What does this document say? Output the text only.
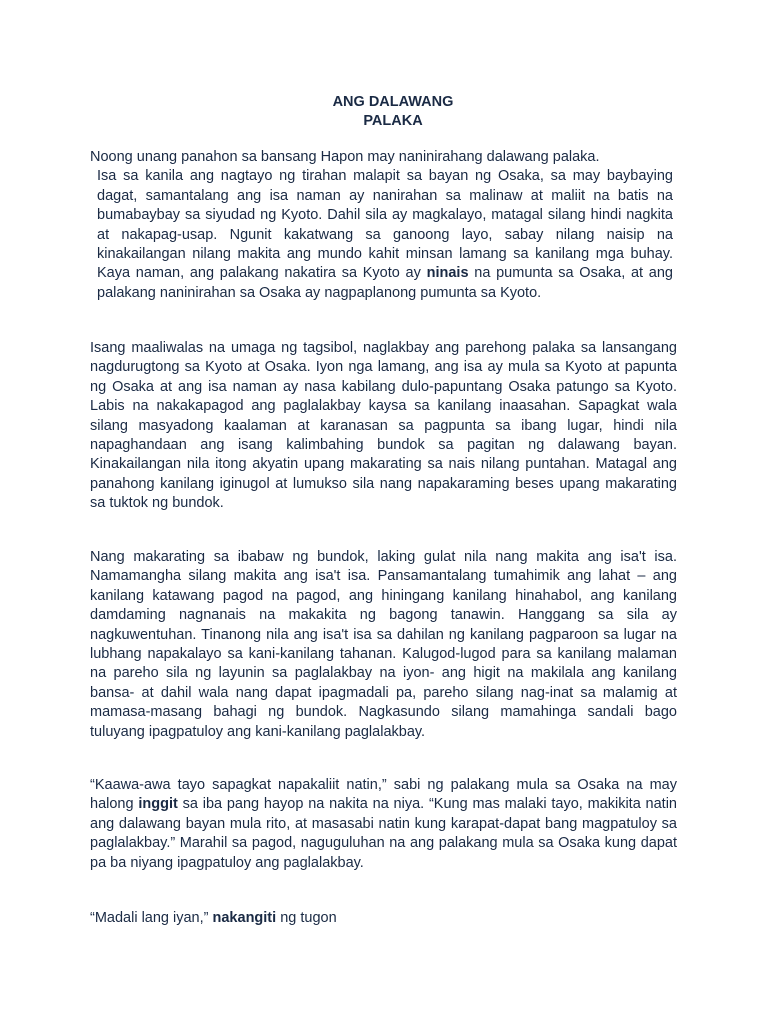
ANG DALAWANG
PALAKA

Noong unang panahon sa bansang Hapon may naninirahang dalawang palaka.
Isa sa kanila ang nagtayo ng tirahan malapit sa bayan ng Osaka, sa may baybaying dagat, samantalang ang isa naman ay nanirahan sa malinaw at maliit na batis na bumabaybay sa siyudad ng Kyoto. Dahil sila ay magkalayo, matagal silang hindi nagkita at nakapag-usap. Ngunit kakatwang sa ganoong layo, sabay nilang naisip na kinakailangan nilang makita ang mundo kahit minsan lamang sa kanilang mga buhay. Kaya naman, ang palakang nakatira sa Kyoto ay ninais na pumunta sa Osaka, at ang palakang naninirahan sa Osaka ay nagpaplanong pumunta sa Kyoto.

Isang maaliwalas na umaga ng tagsibol, naglakbay ang parehong palaka sa lansangang nagdurugtong sa Kyoto at Osaka. Iyon nga lamang, ang isa ay mula sa Kyoto at papunta ng Osaka at ang isa naman ay nasa kabilang dulo-papuntang Osaka patungo sa Kyoto. Labis na nakakapagod ang paglalakbay kaysa sa kanilang inaasahan. Sapagkat wala silang masyadong kaalaman at karanasan sa pagpunta sa ibang lugar, hindi nila napaghandaan ang isang kalimbahing bundok sa pagitan ng dalawang bayan. Kinakailangan nila itong akyatin upang makarating sa nais nilang puntahan. Matagal ang panahong kanilang iginugol at lumukso sila nang napakaraming beses upang makarating sa tuktok ng bundok.

Nang makarating sa ibabaw ng bundok, laking gulat nila nang makita ang isa't isa. Namamangha silang makita ang isa't isa. Pansamantalang tumahimik ang lahat – ang kanilang katawang pagod na pagod, ang hiningang kanilang hinahabol, ang kanilang damdaming nagnanais na makakita ng bagong tanawin. Hanggang sa sila ay nagkuwentuhan. Tinanong nila ang isa't isa sa dahilan ng kanilang pagparoon sa lugar na lubhang napakalayo sa kani-kanilang tahanan. Kalugod-lugod para sa kanilang malaman na pareho sila ng layunin sa paglalakbay na iyon- ang higit na makilala ang kanilang bansa- at dahil wala nang dapat ipagmadali pa, pareho silang nag-inat sa malamig at mamasa-masang bahagi ng bundok. Nagkasundo silang mamahinga sandali bago tuluyang ipagpatuloy ang kani-kanilang paglalakbay.

“Kaawa-awa tayo sapagkat napakaliit natin,” sabi ng palakang mula sa Osaka na may halong inggit sa iba pang hayop na nakita na niya. “Kung mas malaki tayo, makikita natin ang dalawang bayan mula rito, at masasabi natin kung karapat-dapat bang magpatuloy sa paglalakbay.” Marahil sa pagod, naguguluhan na ang palakang mula sa Osaka kung dapat pa ba niyang ipagpatuloy ang paglalakbay.

“Madali lang iyan,” nakangiti ng tugon
